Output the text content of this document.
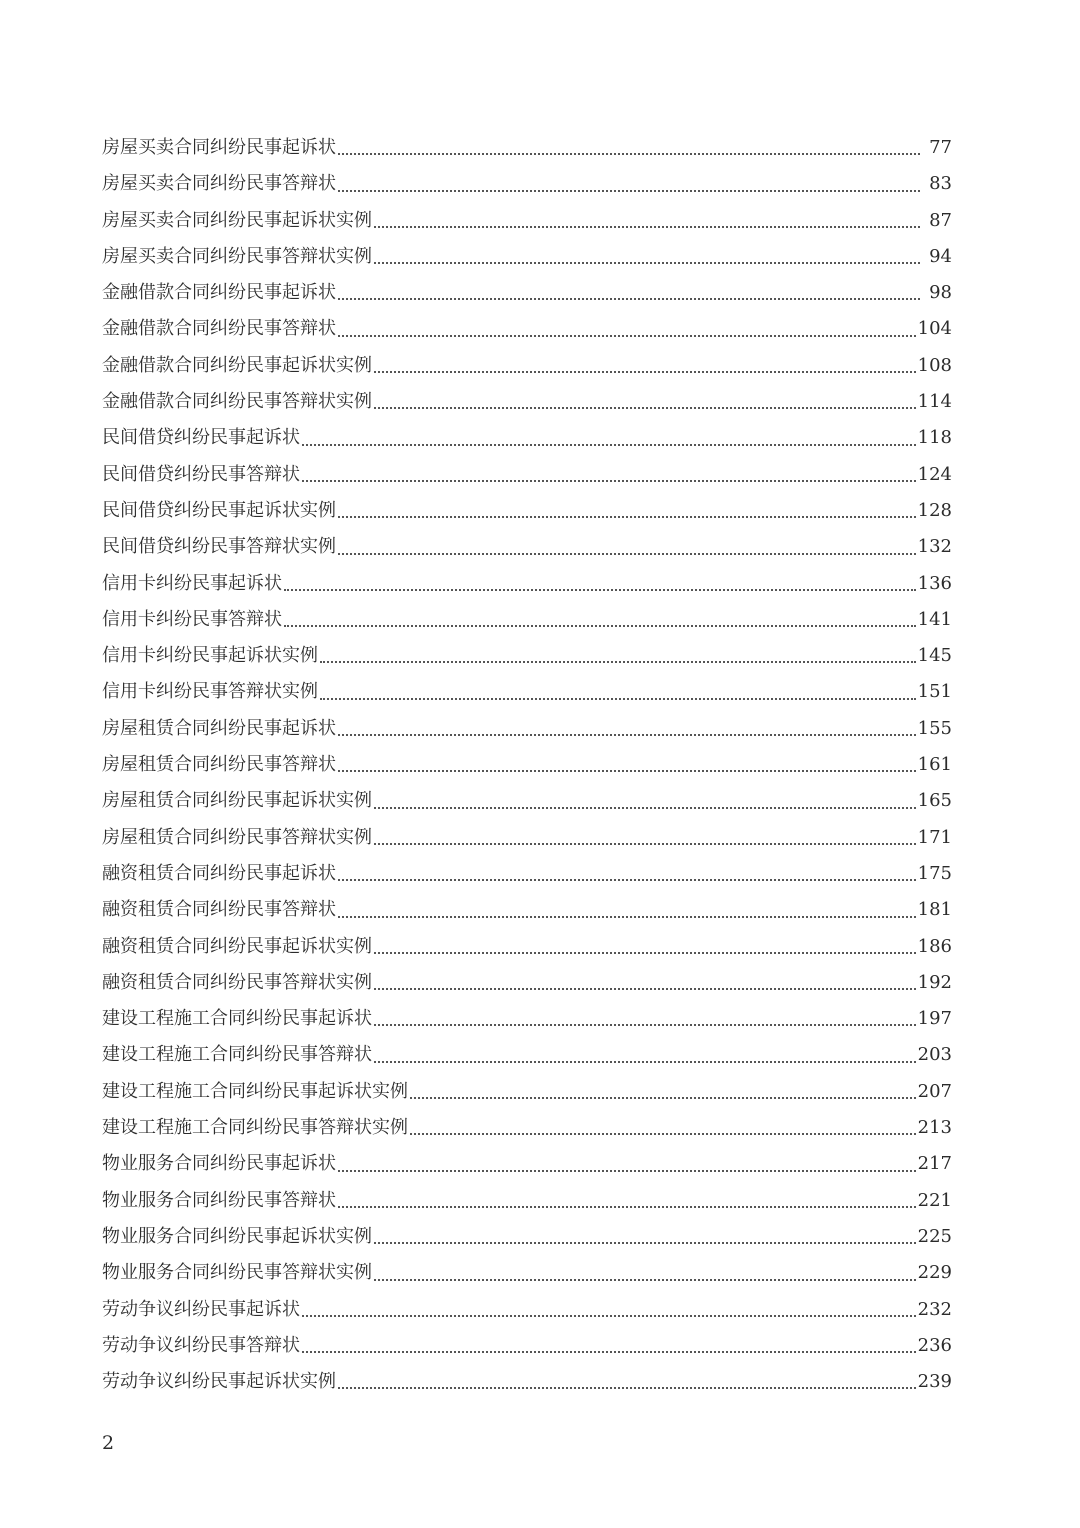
房屋买卖合同纠纷民事起诉状	77
房屋买卖合同纠纷民事答辩状	83
房屋买卖合同纠纷民事起诉状实例	87
房屋买卖合同纠纷民事答辩状实例	94
金融借款合同纠纷民事起诉状	98
金融借款合同纠纷民事答辩状	104
金融借款合同纠纷民事起诉状实例	108
金融借款合同纠纷民事答辩状实例	114
民间借贷纠纷民事起诉状	118
民间借贷纠纷民事答辩状	124
民间借贷纠纷民事起诉状实例	128
民间借贷纠纷民事答辩状实例	132
信用卡纠纷民事起诉状	136
信用卡纠纷民事答辩状	141
信用卡纠纷民事起诉状实例	145
信用卡纠纷民事答辩状实例	151
房屋租赁合同纠纷民事起诉状	155
房屋租赁合同纠纷民事答辩状	161
房屋租赁合同纠纷民事起诉状实例	165
房屋租赁合同纠纷民事答辩状实例	171
融资租赁合同纠纷民事起诉状	175
融资租赁合同纠纷民事答辩状	181
融资租赁合同纠纷民事起诉状实例	186
融资租赁合同纠纷民事答辩状实例	192
建设工程施工合同纠纷民事起诉状	197
建设工程施工合同纠纷民事答辩状	203
建设工程施工合同纠纷民事起诉状实例	207
建设工程施工合同纠纷民事答辩状实例	213
物业服务合同纠纷民事起诉状	217
物业服务合同纠纷民事答辩状	221
物业服务合同纠纷民事起诉状实例	225
物业服务合同纠纷民事答辩状实例	229
劳动争议纠纷民事起诉状	232
劳动争议纠纷民事答辩状	236
劳动争议纠纷民事起诉状实例	239
2
